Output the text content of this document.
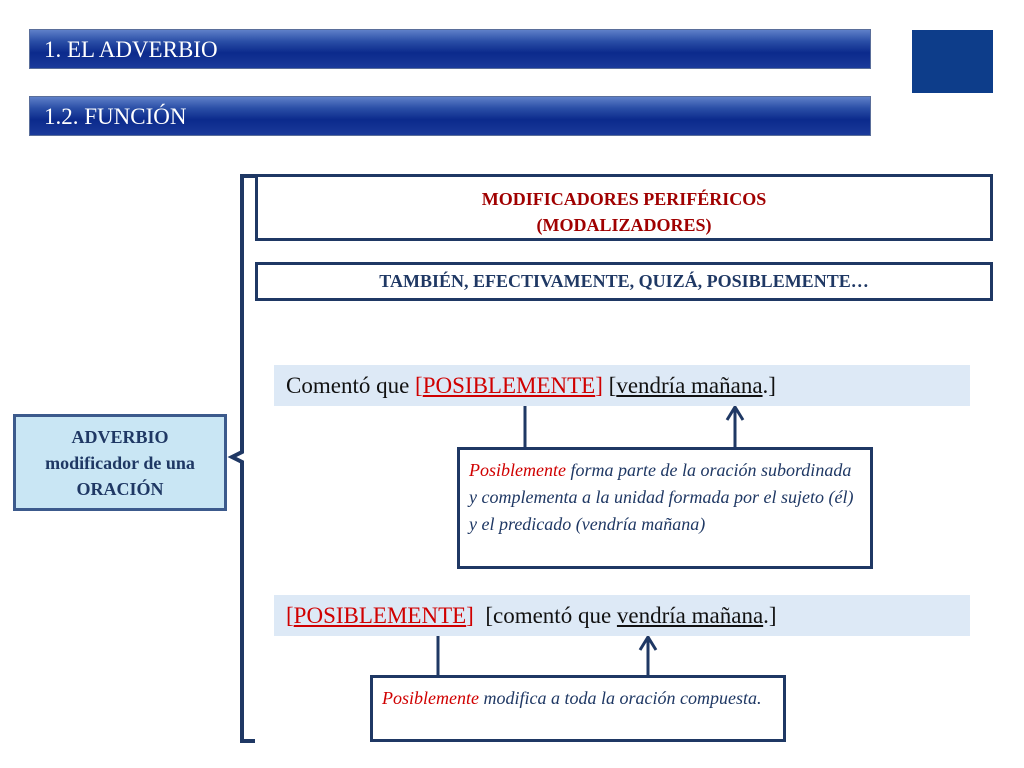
1. EL ADVERBIO
1.2. FUNCIÓN
MODIFICADORES PERIFÉRICOS
(MODALIZADORES)
TAMBIÉN, EFECTIVAMENTE, QUIZÁ, POSIBLEMENTE…
ADVERBIO
modificador de una
ORACIÓN
Comentó que [POSIBLEMENTE] [vendría mañana.]
Posiblemente forma parte de la oración subordinada y complementa a la unidad formada por el sujeto (él) y el predicado (vendría mañana)
[POSIBLEMENTE]  [comentó que vendría mañana.]
Posiblemente modifica a toda la oración compuesta.
